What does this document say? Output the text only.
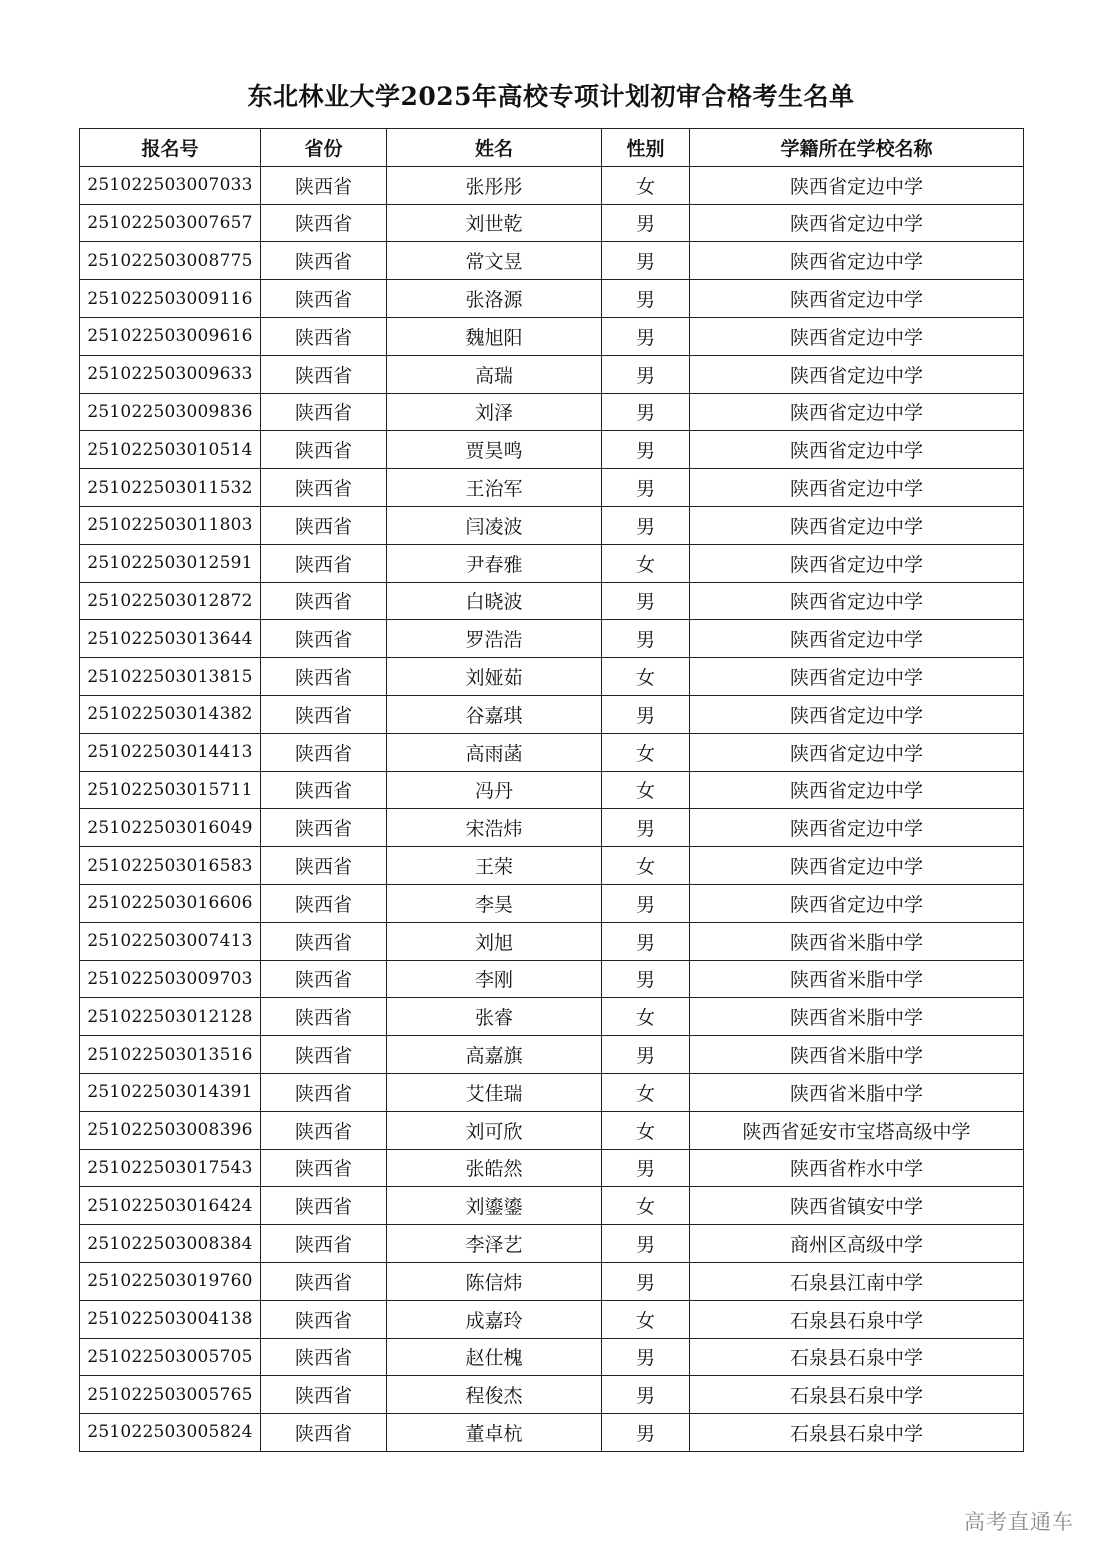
东北林业大学2025年高校专项计划初审合格考生名单
报名号	省份	姓名	性别	学籍所在学校名称
251022503007033	陕西省	张彤彤	女	陕西省定边中学
251022503007657	陕西省	刘世乾	男	陕西省定边中学
251022503008775	陕西省	常文昱	男	陕西省定边中学
251022503009116	陕西省	张洛源	男	陕西省定边中学
251022503009616	陕西省	魏旭阳	男	陕西省定边中学
251022503009633	陕西省	高瑞	男	陕西省定边中学
251022503009836	陕西省	刘泽	男	陕西省定边中学
251022503010514	陕西省	贾昊鸣	男	陕西省定边中学
251022503011532	陕西省	王治军	男	陕西省定边中学
251022503011803	陕西省	闫凌波	男	陕西省定边中学
251022503012591	陕西省	尹春雅	女	陕西省定边中学
251022503012872	陕西省	白晓波	男	陕西省定边中学
251022503013644	陕西省	罗浩浩	男	陕西省定边中学
251022503013815	陕西省	刘娅茹	女	陕西省定边中学
251022503014382	陕西省	谷嘉琪	男	陕西省定边中学
251022503014413	陕西省	高雨菡	女	陕西省定边中学
251022503015711	陕西省	冯丹	女	陕西省定边中学
251022503016049	陕西省	宋浩炜	男	陕西省定边中学
251022503016583	陕西省	王荣	女	陕西省定边中学
251022503016606	陕西省	李昊	男	陕西省定边中学
251022503007413	陕西省	刘旭	男	陕西省米脂中学
251022503009703	陕西省	李刚	男	陕西省米脂中学
251022503012128	陕西省	张睿	女	陕西省米脂中学
251022503013516	陕西省	高嘉旗	男	陕西省米脂中学
251022503014391	陕西省	艾佳瑞	女	陕西省米脂中学
251022503008396	陕西省	刘可欣	女	陕西省延安市宝塔高级中学
251022503017543	陕西省	张皓然	男	陕西省柞水中学
251022503016424	陕西省	刘鎏鎏	女	陕西省镇安中学
251022503008384	陕西省	李泽艺	男	商州区高级中学
251022503019760	陕西省	陈信炜	男	石泉县江南中学
251022503004138	陕西省	成嘉玲	女	石泉县石泉中学
251022503005705	陕西省	赵仕槐	男	石泉县石泉中学
251022503005765	陕西省	程俊杰	男	石泉县石泉中学
251022503005824	陕西省	董卓杭	男	石泉县石泉中学
高考直通车
